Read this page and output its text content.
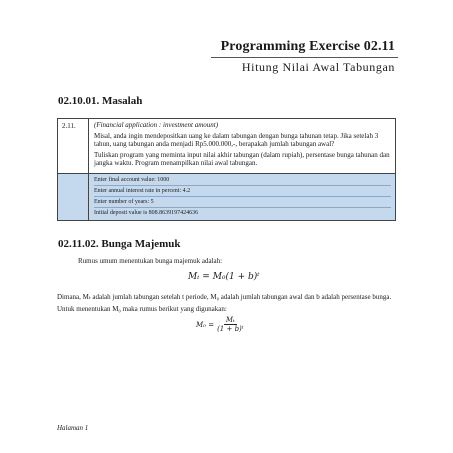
Programming Exercise 02.11
Hitung Nilai Awal Tabungan
02.10.01. Masalah
2.11.	(Financial application : investment amount)

Misal, anda ingin mendepositkan uang ke dalam tabungan dengan bunga tahunan tetap. Jika setelah 3 tahun, uang tabungan anda menjadi Rp5.000.000,-, berapakah jumlah tabungan awal?

Tuliskan program yang meminta input nilai akhir tabungan (dalam rupiah), persentase bunga tahunan dan jangka waktu. Program menampilkan nilai awal tabungan.

	Enter final account value: 1000
Enter annual interest rate in percent: 4.2
Enter number of years: 5
Initial deposit value is 808.8639197424636
02.11.02. Bunga Majemuk
Rumus umum menentukan bunga majemuk adalah:
Mₜ = M₀(1 + b)ᵗ
Dimana, Mₜ adalah jumlah tabungan setelah t periode, M₀ adalah jumlah tabungan awal dan b adalah persentase bunga. Untuk menentukan M₀ maka rumus berikut yang digunakan:
$M_0 = \frac{\text{Mₜ}}{\text{(1 + b)ᵗ}}$
Halaman 1
